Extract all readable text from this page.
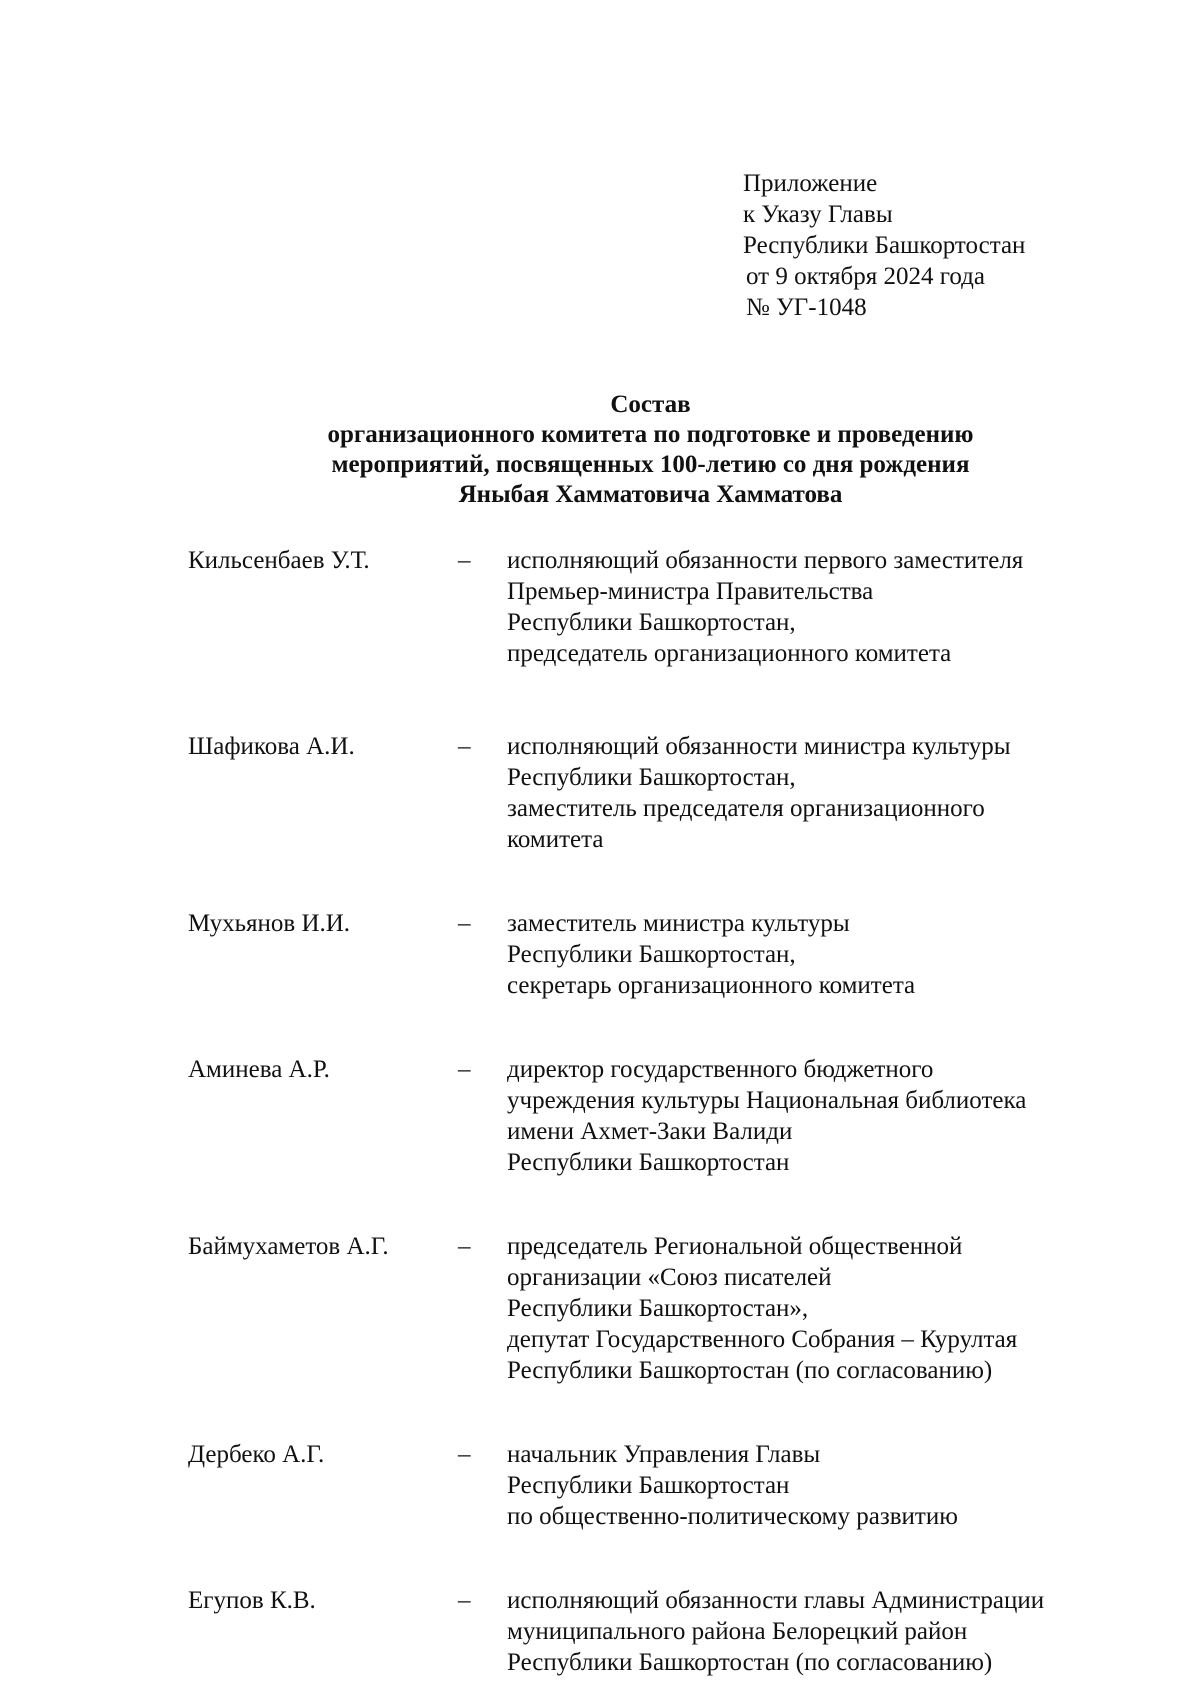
Приложение
к Указу Главы
Республики Башкортостан
от 9 октября 2024 года
№ УГ-1048
Состав
организационного комитета по подготовке и проведению
мероприятий, посвященных 100-летию со дня рождения
Яныбая Хамматовича Хамматова
Кильсенбаев У.Т.	– исполняющий обязанности первого заместителя
Премьер-министра Правительства
Республики Башкортостан,
председатель организационного комитета
Шафикова А.И.	– исполняющий обязанности министра культуры
Республики Башкортостан,
заместитель председателя организационного
комитета
Мухьянов И.И.	– заместитель министра культуры
Республики Башкортостан,
секретарь организационного комитета
Аминева А.Р.	– директор государственного бюджетного
учреждения культуры Национальная библиотека
имени Ахмет-Заки Валиди
Республики Башкортостан
Баймухаметов А.Г.	– председатель Региональной общественной
организации «Союз писателей
Республики Башкортостан»,
депутат Государственного Собрания – Курултая
Республики Башкортостан (по согласованию)
Дербеко А.Г.	– начальник Управления Главы
Республики Башкортостан
по общественно-политическому развитию
Егупов К.В.	– исполняющий обязанности главы Администрации
муниципального района Белорецкий район
Республики Башкортостан (по согласованию)
